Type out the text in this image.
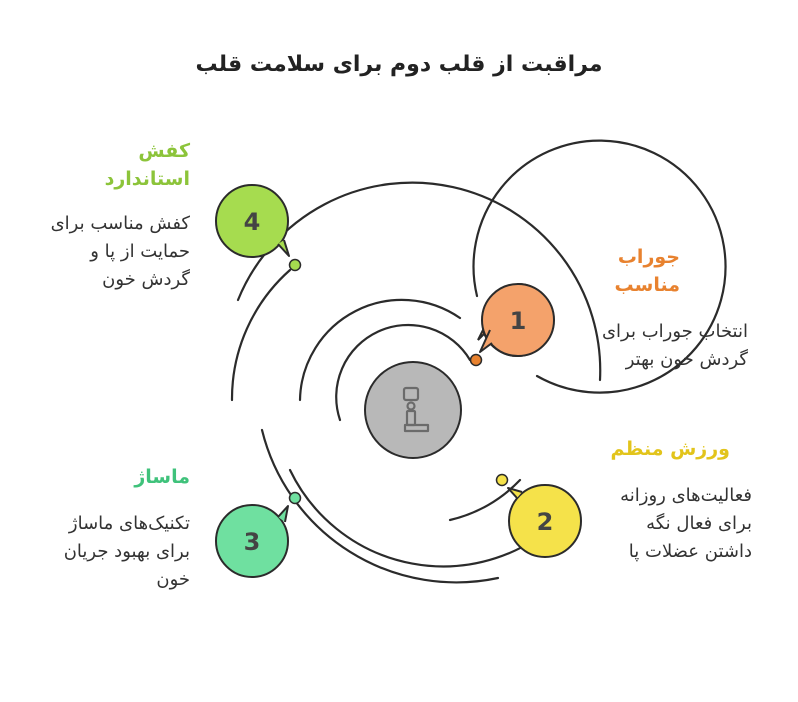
مراقبت از قلب دوم برای سلامت قلب
1
2
3
4
جوراب مناسب
انتخاب جوراب برای گردش خون بهتر
ورزش منظم
فعالیت‌های روزانه برای فعال نگه داشتن عضلات پا
ماساژ
تکنیک‌های ماساژ برای بهبود جریان خون
کفش استاندارد
کفش مناسب برای حمایت از پا و گردش خون
